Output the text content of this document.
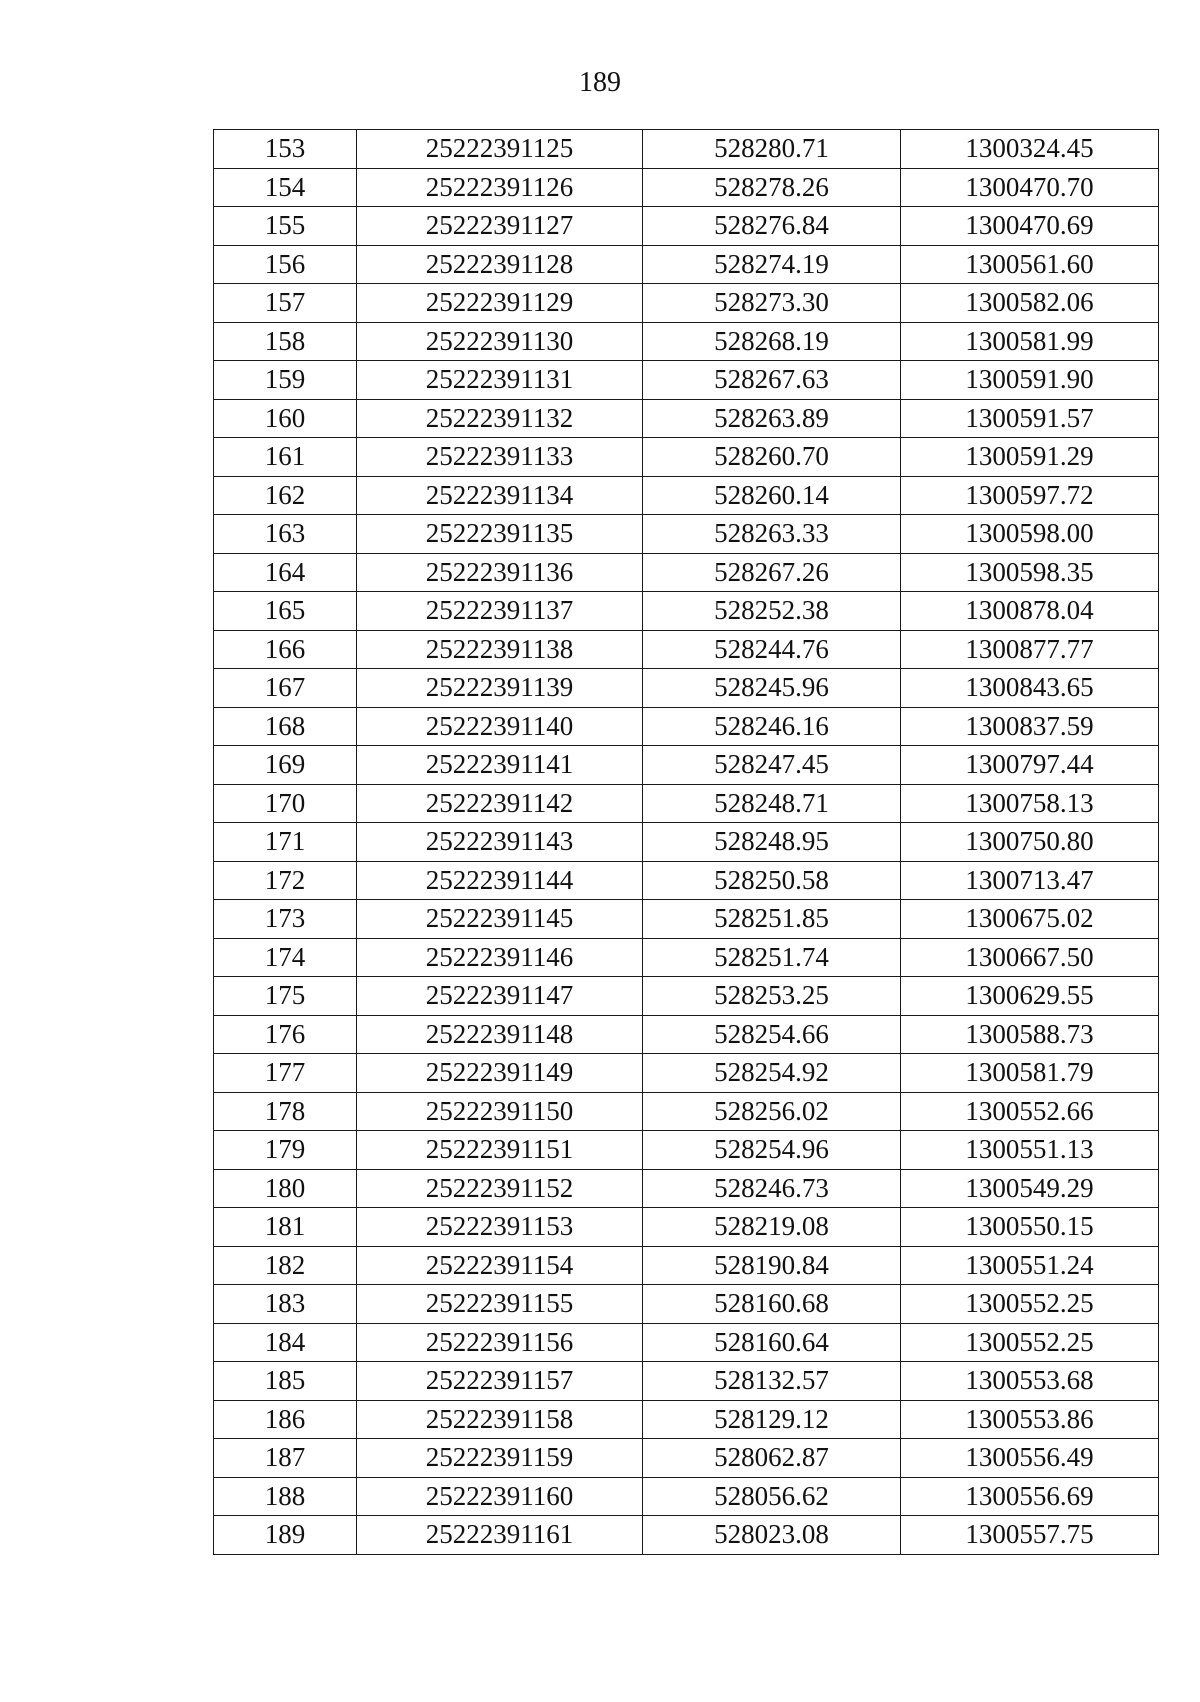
189
153	25222391125	528280.71	1300324.45
154	25222391126	528278.26	1300470.70
155	25222391127	528276.84	1300470.69
156	25222391128	528274.19	1300561.60
157	25222391129	528273.30	1300582.06
158	25222391130	528268.19	1300581.99
159	25222391131	528267.63	1300591.90
160	25222391132	528263.89	1300591.57
161	25222391133	528260.70	1300591.29
162	25222391134	528260.14	1300597.72
163	25222391135	528263.33	1300598.00
164	25222391136	528267.26	1300598.35
165	25222391137	528252.38	1300878.04
166	25222391138	528244.76	1300877.77
167	25222391139	528245.96	1300843.65
168	25222391140	528246.16	1300837.59
169	25222391141	528247.45	1300797.44
170	25222391142	528248.71	1300758.13
171	25222391143	528248.95	1300750.80
172	25222391144	528250.58	1300713.47
173	25222391145	528251.85	1300675.02
174	25222391146	528251.74	1300667.50
175	25222391147	528253.25	1300629.55
176	25222391148	528254.66	1300588.73
177	25222391149	528254.92	1300581.79
178	25222391150	528256.02	1300552.66
179	25222391151	528254.96	1300551.13
180	25222391152	528246.73	1300549.29
181	25222391153	528219.08	1300550.15
182	25222391154	528190.84	1300551.24
183	25222391155	528160.68	1300552.25
184	25222391156	528160.64	1300552.25
185	25222391157	528132.57	1300553.68
186	25222391158	528129.12	1300553.86
187	25222391159	528062.87	1300556.49
188	25222391160	528056.62	1300556.69
189	25222391161	528023.08	1300557.75
